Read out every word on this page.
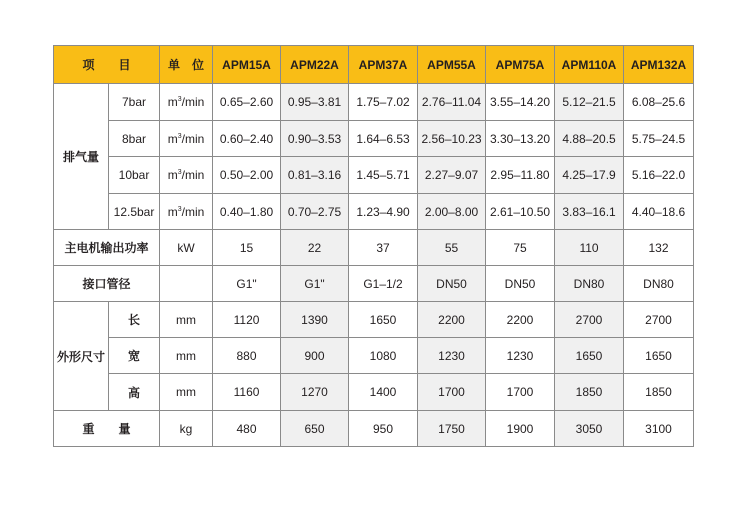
项　　目		单　位	APM15A	APM22A	APM37A	APM55A	APM75A	APM110A	APM132A
排气量	7bar	$m^3/\min$	0.65–2.60	0.95–3.81	1.75–7.02	2.76–11.04	3.55–14.20	5.12–21.5	6.08–25.6
	8bar	$m^3/\min$	0.60–2.40	0.90–3.53	1.64–6.53	2.56–10.23	3.30–13.20	4.88–20.5	5.75–24.5
	10bar	$m^3/\min$	0.50–2.00	0.81–3.16	1.45–5.71	2.27–9.07	2.95–11.80	4.25–17.9	5.16–22.0
	12.5bar	$m^3/\min$	0.40–1.80	0.70–2.75	1.23–4.90	2.00–8.00	2.61–10.50	3.83–16.1	4.40–18.6
主电机输出功率		kW	15	22	37	55	75	110	132
接口管径			G1"	G1"	G1–1/2	DN50	DN50	DN80	DN80
外形尺寸	长	mm	1120	1390	1650	2200	2200	2700	2700
	宽	mm	880	900	1080	1230	1230	1650	1650
	高	mm	1160	1270	1400	1700	1700	1850	1850
重　　量		kg	480	650	950	1750	1900	3050	3100
